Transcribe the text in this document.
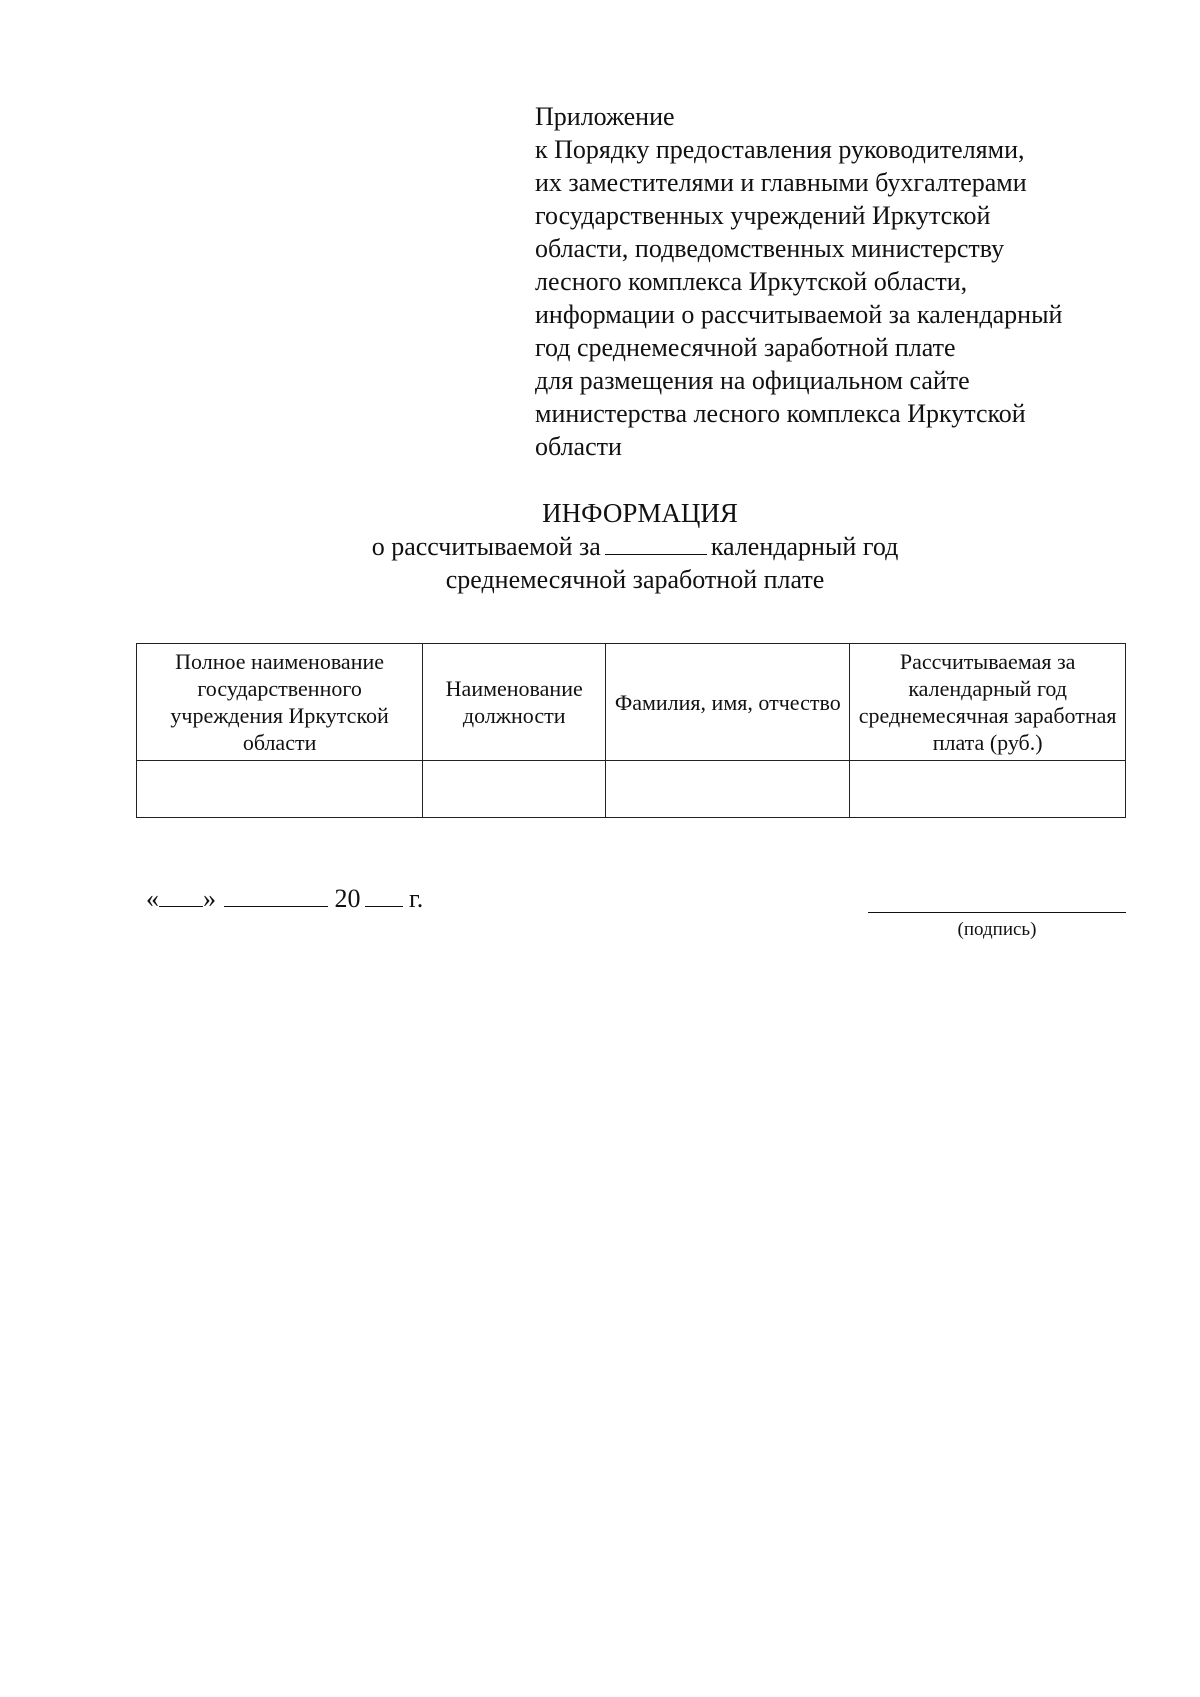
Приложение
к Порядку предоставления руководителями,
их заместителями и главными бухгалтерами
государственных учреждений Иркутской
области, подведомственных министерству
лесного комплекса Иркутской области,
информации о рассчитываемой за календарный
год среднемесячной заработной плате
для размещения на официальном сайте
министерства лесного комплекса Иркутской
области
ИНФОРМАЦИЯ
о рассчитываемой за	календарный год
среднемесячной заработной плате
Полное наименование государственного учреждения Иркутской области	Наименование должности	Фамилия, имя, отчество	Рассчитываемая за календарный год среднемесячная заработная плата (руб.)

« »	20 г.
(подпись)
